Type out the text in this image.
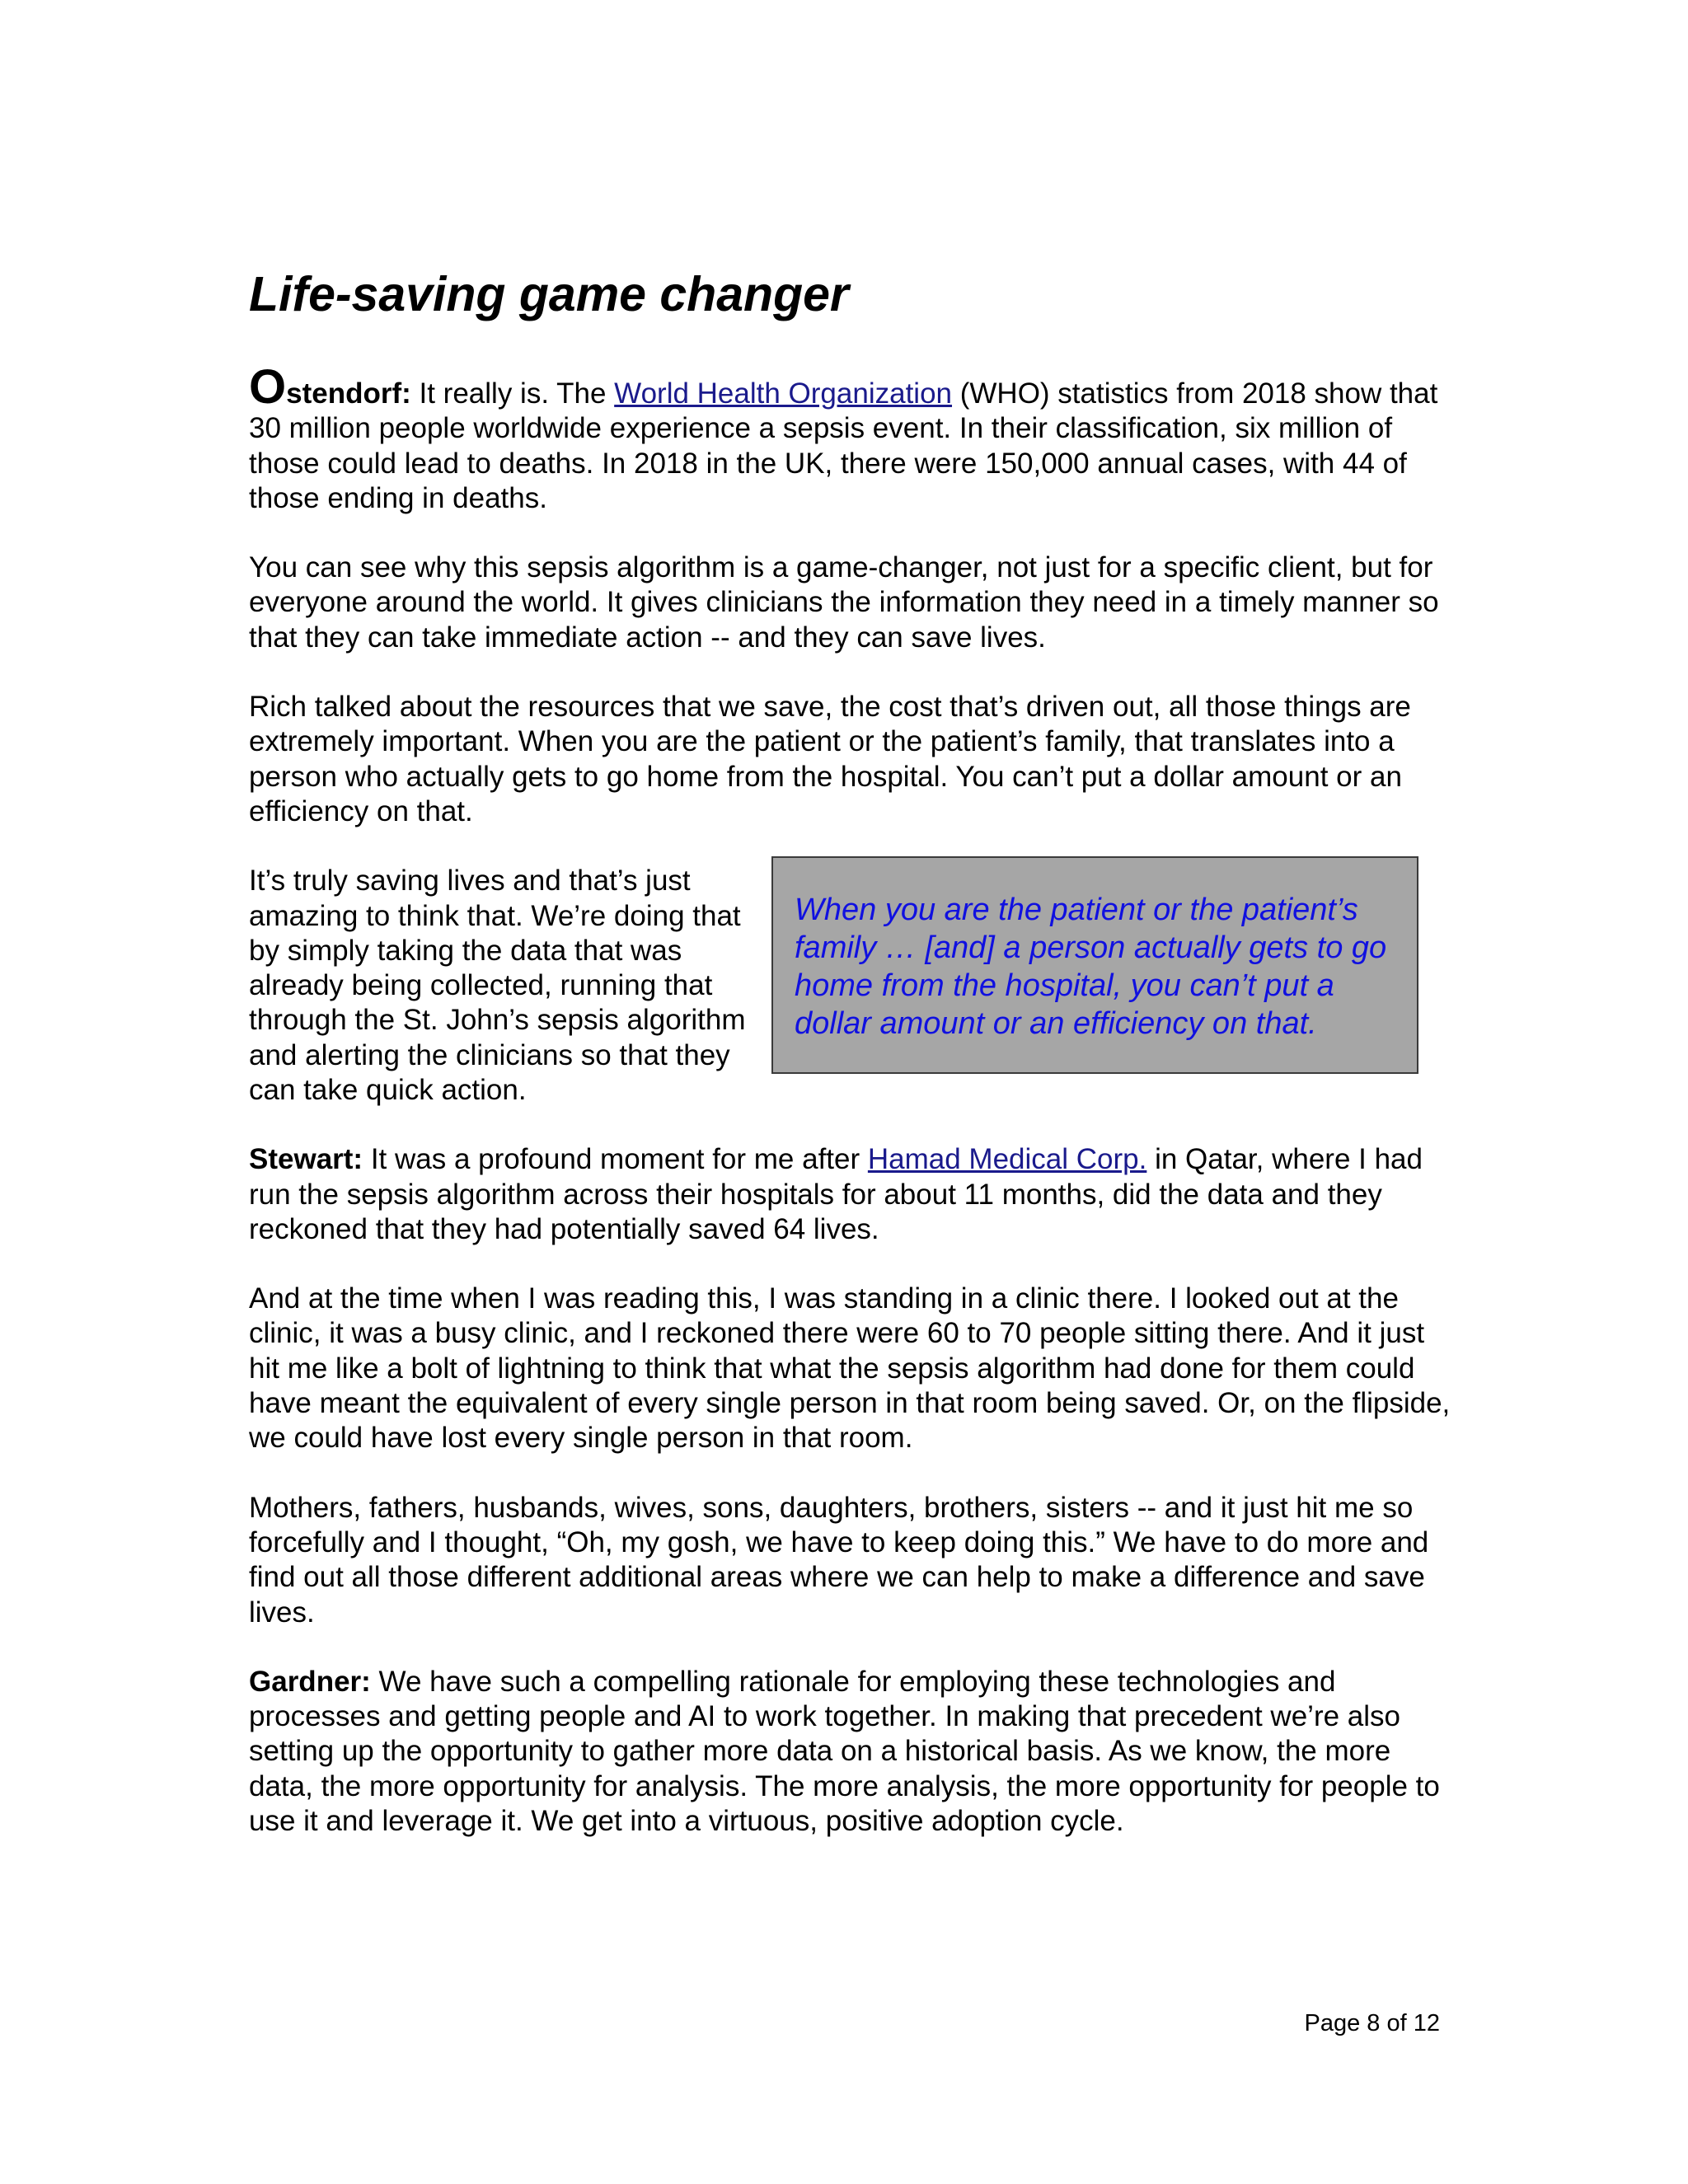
Life-saving game changer

Ostendorf: It really is. The World Health Organization (WHO) statistics from 2018 show that 30 million people worldwide experience a sepsis event. In their classification, six million of those could lead to deaths. In 2018 in the UK, there were 150,000 annual cases, with 44 of those ending in deaths.

You can see why this sepsis algorithm is a game-changer, not just for a specific client, but for everyone around the world. It gives clinicians the information they need in a timely manner so that they can take immediate action -- and they can save lives.

Rich talked about the resources that we save, the cost that’s driven out, all those things are extremely important. When you are the patient or the patient’s family, that translates into a person who actually gets to go home from the hospital. You can’t put a dollar amount or an efficiency on that.

It’s truly saving lives and that’s just amazing to think that. We’re doing that by simply taking the data that was already being collected, running that through the St. John’s sepsis algorithm and alerting the clinicians so that they can take quick action.

When you are the patient or the patient’s family … [and] a person actually gets to go home from the hospital, you can’t put a dollar amount or an efficiency on that.

Stewart: It was a profound moment for me after Hamad Medical Corp. in Qatar, where I had run the sepsis algorithm across their hospitals for about 11 months, did the data and they reckoned that they had potentially saved 64 lives.

And at the time when I was reading this, I was standing in a clinic there. I looked out at the clinic, it was a busy clinic, and I reckoned there were 60 to 70 people sitting there. And it just hit me like a bolt of lightning to think that what the sepsis algorithm had done for them could have meant the equivalent of every single person in that room being saved. Or, on the flipside, we could have lost every single person in that room.

Mothers, fathers, husbands, wives, sons, daughters, brothers, sisters -- and it just hit me so forcefully and I thought, “Oh, my gosh, we have to keep doing this.” We have to do more and find out all those different additional areas where we can help to make a difference and save lives.

Gardner: We have such a compelling rationale for employing these technologies and processes and getting people and AI to work together. In making that precedent we’re also setting up the opportunity to gather more data on a historical basis. As we know, the more data, the more opportunity for analysis. The more analysis, the more opportunity for people to use it and leverage it. We get into a virtuous, positive adoption cycle.

Page 8 of 12
